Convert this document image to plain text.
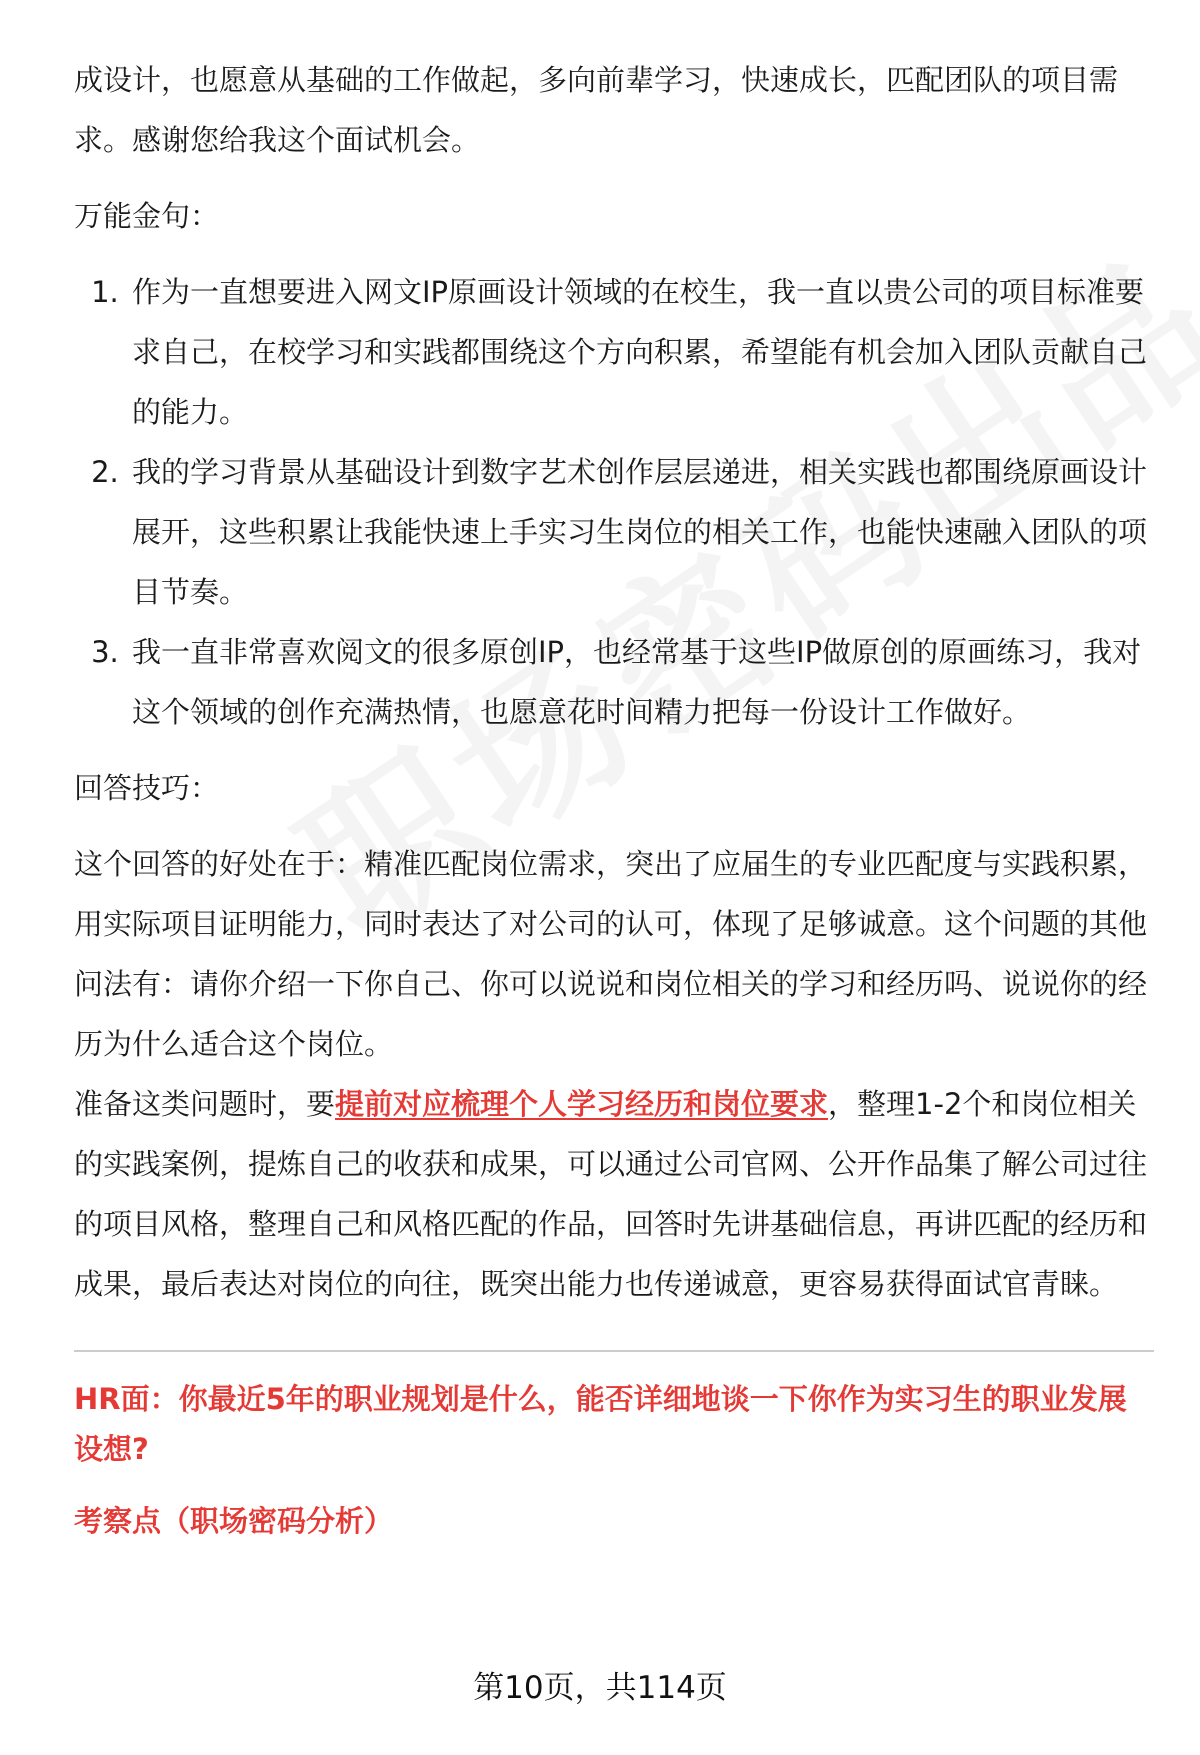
成设计，也愿意从基础的工作做起，多向前辈学习，快速成长，匹配团队的项目需求。感谢您给我这个面试机会。

万能金句：

1. 作为一直想要进入网文IP原画设计领域的在校生，我一直以贵公司的项目标准要求自己，在校学习和实践都围绕这个方向积累，希望能有机会加入团队贡献自己的能力。
2. 我的学习背景从基础设计到数字艺术创作层层递进，相关实践也都围绕原画设计展开，这些积累让我能快速上手实习生岗位的相关工作，也能快速融入团队的项目节奏。
3. 我一直非常喜欢阅文的很多原创IP，也经常基于这些IP做原创的原画练习，我对这个领域的创作充满热情，也愿意花时间精力把每一份设计工作做好。

回答技巧：

这个回答的好处在于：精准匹配岗位需求，突出了应届生的专业匹配度与实践积累，用实际项目证明能力，同时表达了对公司的认可，体现了足够诚意。这个问题的其他问法有：请你介绍一下你自己、你可以说说和岗位相关的学习和经历吗、说说你的经历为什么适合这个岗位。

准备这类问题时，要提前对应梳理个人学习经历和岗位要求，整理1-2个和岗位相关的实践案例，提炼自己的收获和成果，可以通过公司官网、公开作品集了解公司过往的项目风格，整理自己和风格匹配的作品，回答时先讲基础信息，再讲匹配的经历和成果，最后表达对岗位的向往，既突出能力也传递诚意，更容易获得面试官青睐。

HR面：你最近5年的职业规划是什么，能否详细地谈一下你作为实习生的职业发展设想?

考察点（职场密码分析）

第10页，共114页
